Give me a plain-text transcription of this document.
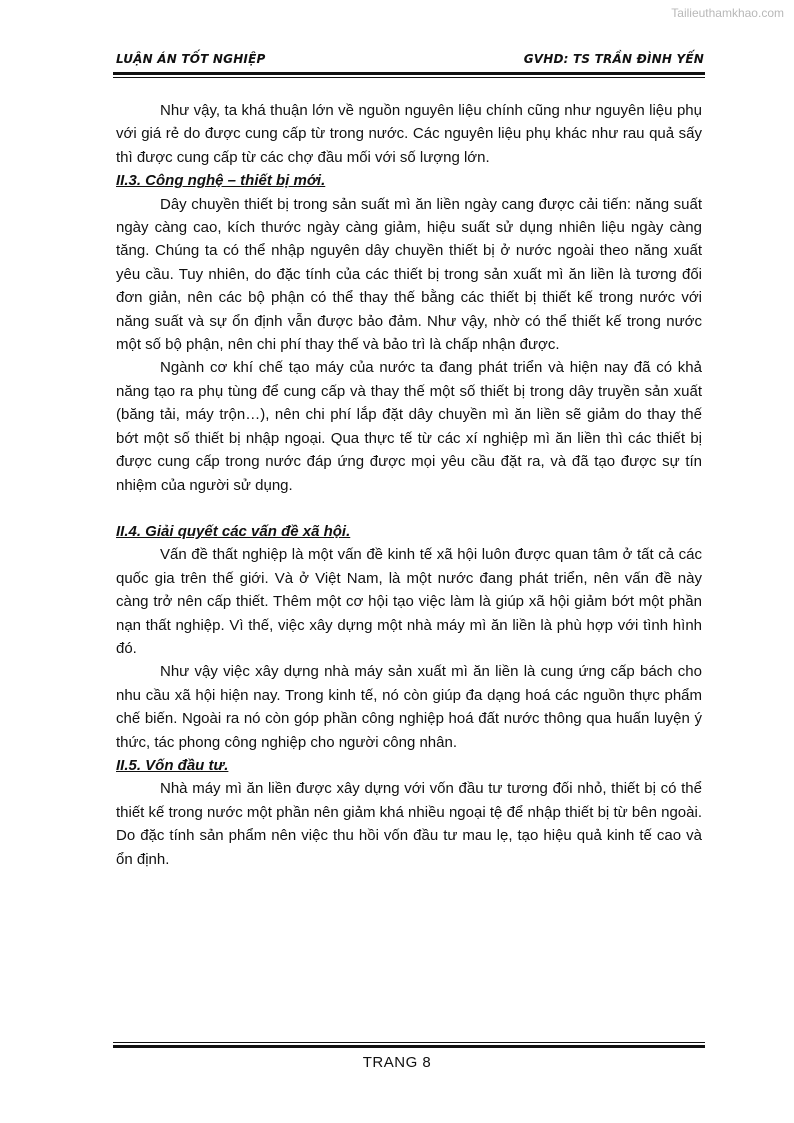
Tailieuthamkhao.com
LUẬN ÁN TỐT NGHIỆP	GVHD: TS TRẦN ĐÌNH YẾN

Như vậy, ta khá thuận lớn về nguồn nguyên liệu chính cũng như nguyên liệu phụ với giá rẻ do được cung cấp từ trong nước. Các nguyên liệu phụ khác như rau quả sấy thì được cung cấp từ các chợ đầu mối với số lượng lớn.

II.3. Công nghệ – thiết bị mới.

Dây chuyền thiết bị trong sản suất mì ăn liền ngày cang được cải tiến: năng suất ngày càng cao, kích thước ngày càng giảm, hiệu suất sử dụng nhiên liệu ngày càng tăng. Chúng ta có thể nhập nguyên dây chuyền thiết bị ở nước ngoài theo năng xuất yêu cầu. Tuy nhiên, do đặc tính của các thiết bị trong sản xuất mì ăn liền là tương đối đơn giản, nên các bộ phận có thể thay thế bằng các thiết bị thiết kế trong nước với năng suất và sự ổn định vẫn được bảo đảm. Như vậy, nhờ có thể thiết kế trong nước một số bộ phận, nên chi phí thay thế và bảo trì là chấp nhận được.

Ngành cơ khí chế tạo máy của nước ta đang phát triển và hiện nay đã có khả năng tạo ra phụ tùng để cung cấp và thay thế một số thiết bị trong dây truyền sản xuất (băng tải, máy trộn…), nên chi phí lắp đặt dây chuyền mì ăn liền sẽ giảm do thay thế bớt một số thiết bị nhập ngoại. Qua thực tế từ các xí nghiệp mì ăn liền thì các thiết bị được cung cấp trong nước đáp ứng được mọi yêu cầu đặt ra, và đã tạo được sự tín nhiệm của người sử dụng.

II.4. Giải quyết các vấn đề xã hội.

Vấn đề thất nghiệp là một vấn đề kinh tế xã hội luôn được quan tâm ở tất cả các quốc gia trên thế giới. Và ở Việt Nam, là một nước đang phát triển, nên vấn đề này càng trở nên cấp thiết. Thêm một cơ hội tạo việc làm là giúp xã hội giảm bớt một phần nạn thất nghiệp. Vì thế, việc xây dựng một nhà máy mì ăn liền là phù hợp với tình hình đó.

Như vậy việc xây dựng nhà máy sản xuất mì ăn liền là cung ứng cấp bách cho nhu cầu xã hội hiện nay. Trong kinh tế, nó còn giúp đa dạng hoá các nguồn thực phẩm chế biến. Ngoài ra nó còn góp phần công nghiệp hoá đất nước thông qua huấn luyện ý thức, tác phong công nghiệp cho người công nhân.

II.5. Vốn đầu tư.

Nhà máy mì ăn liền được xây dựng với vốn đầu tư tương đối nhỏ, thiết bị có thể thiết kế trong nước một phần nên giảm khá nhiều ngoại tệ để nhập thiết bị từ bên ngoài. Do đặc tính sản phẩm nên việc thu hồi vốn đầu tư mau lẹ, tạo hiệu quả kinh tế cao và ổn định.

TRANG 8
